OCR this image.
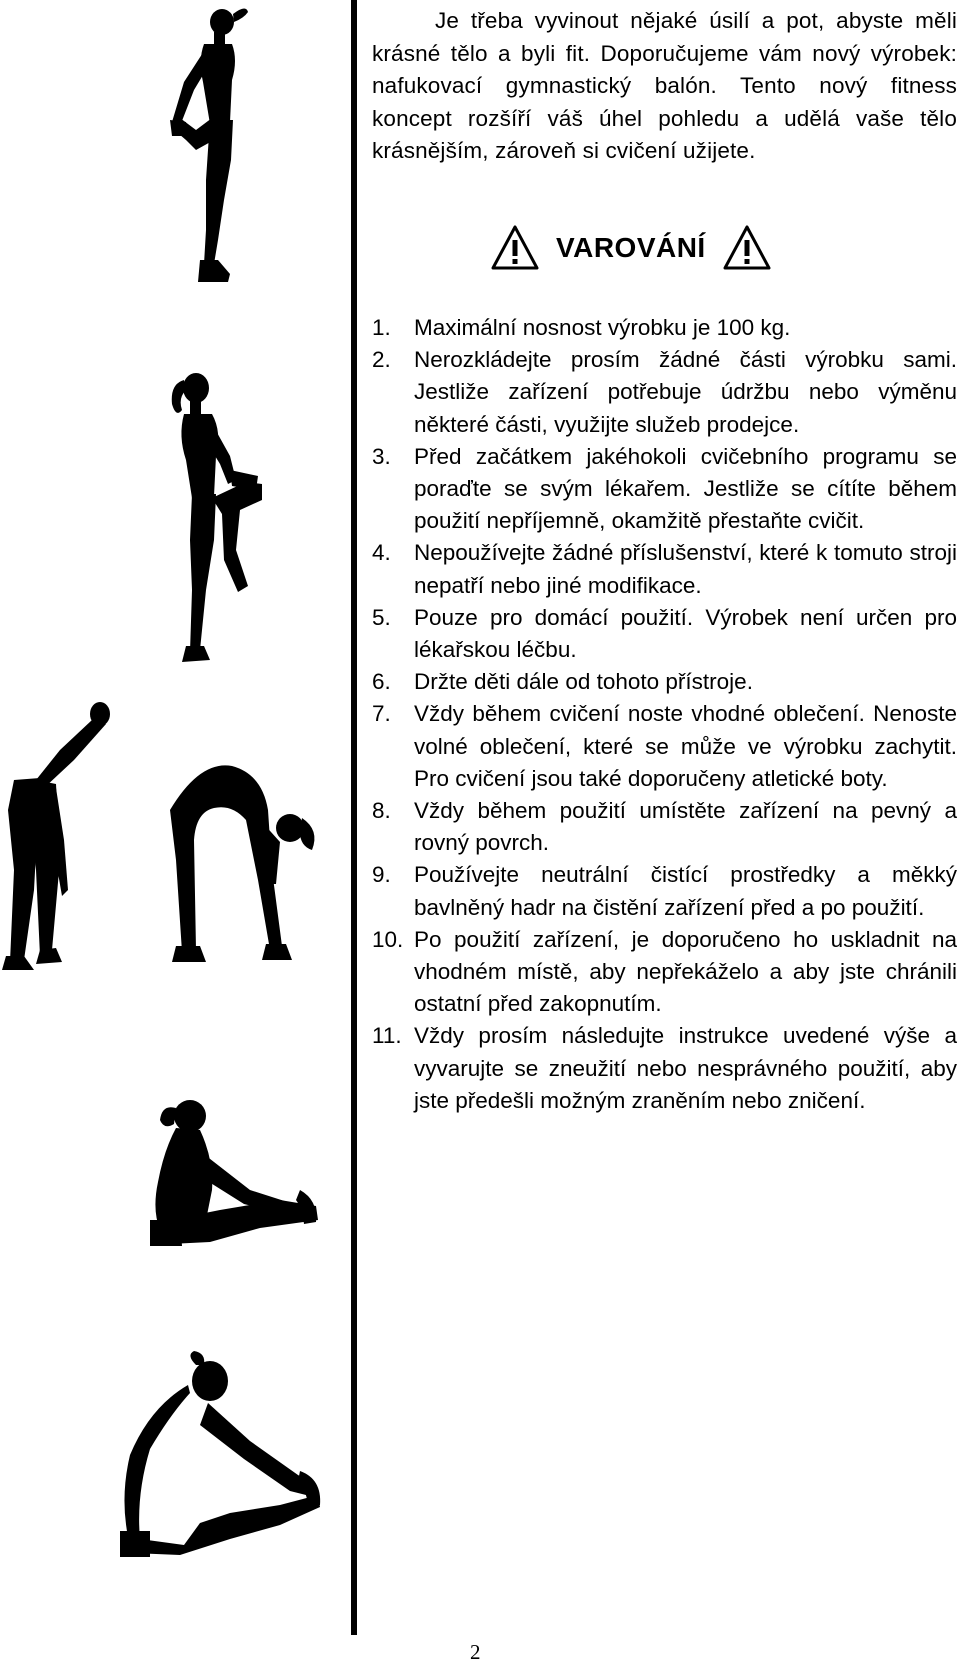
Je třeba vyvinout nějaké úsilí a pot, abyste měli krásné tělo a byli fit. Doporučujeme vám nový výrobek: nafukovací gymnastický balón. Tento nový fitness koncept rozšíří váš úhel pohledu a udělá vaše tělo krásnějším, zároveň si cvičení užijete.

VAROVÁNÍ
1. Maximální nosnost výrobku je 100 kg.
2. Nerozkládejte prosím žádné části výrobku sami. Jestliže zařízení potřebuje údržbu nebo výměnu některé části, využijte služeb prodejce.
3. Před začátkem jakéhokoli cvičebního programu se poraďte se svým lékařem. Jestliže se cítíte během použití nepříjemně, okamžitě přestaňte cvičit.
4. Nepoužívejte žádné příslušenství, které k tomuto stroji nepatří nebo jiné modifikace.
5. Pouze pro domácí použití. Výrobek není určen pro lékařskou léčbu.
6. Držte děti dále od tohoto přístroje.
7. Vždy během cvičení noste vhodné oblečení. Nenoste volné oblečení, které se může ve výrobku zachytit. Pro cvičení jsou také doporučeny atletické boty.
8. Vždy během použití umístěte zařízení na pevný a rovný povrch.
9. Používejte neutrální čistící prostředky a měkký bavlněný hadr na čistění zařízení před a po použití.
10. Po použití zařízení, je doporučeno ho uskladnit na vhodném místě, aby nepřekáželo a aby jste chránili ostatní před zakopnutím.
11. Vždy prosím následujte instrukce uvedené výše a vyvarujte se zneužití nebo nesprávného použití, aby jste předešli možným zraněním nebo zničení.
2
